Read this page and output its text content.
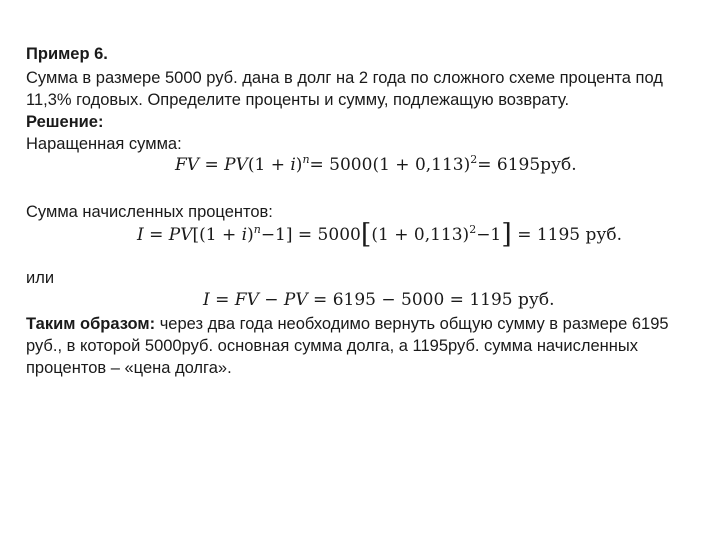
Пример 6.
Сумма в размере 5000 руб. дана в долг на 2 года по сложного схеме процента под
11,3% годовых. Определите проценты и сумму, подлежащую возврату.
Решение:
Наращенная сумма:
FV = $PV(1 + i)^n= 5000(1 + 0,113)^2= 6195руб$.
Сумма начисленных процентов:
$I = PV[(1 + i)^n-1] = 5000[(1 + 0,113)^2-1] = 1195$ руб.
или
I = FV − PV = 6195 − 5000 = 1195 руб.
Таким образом: через два года необходимо вернуть общую сумму в размере 6195
руб., в которой 5000руб. основная сумма долга, а 1195руб. сумма начисленных
процентов – «цена долга».
